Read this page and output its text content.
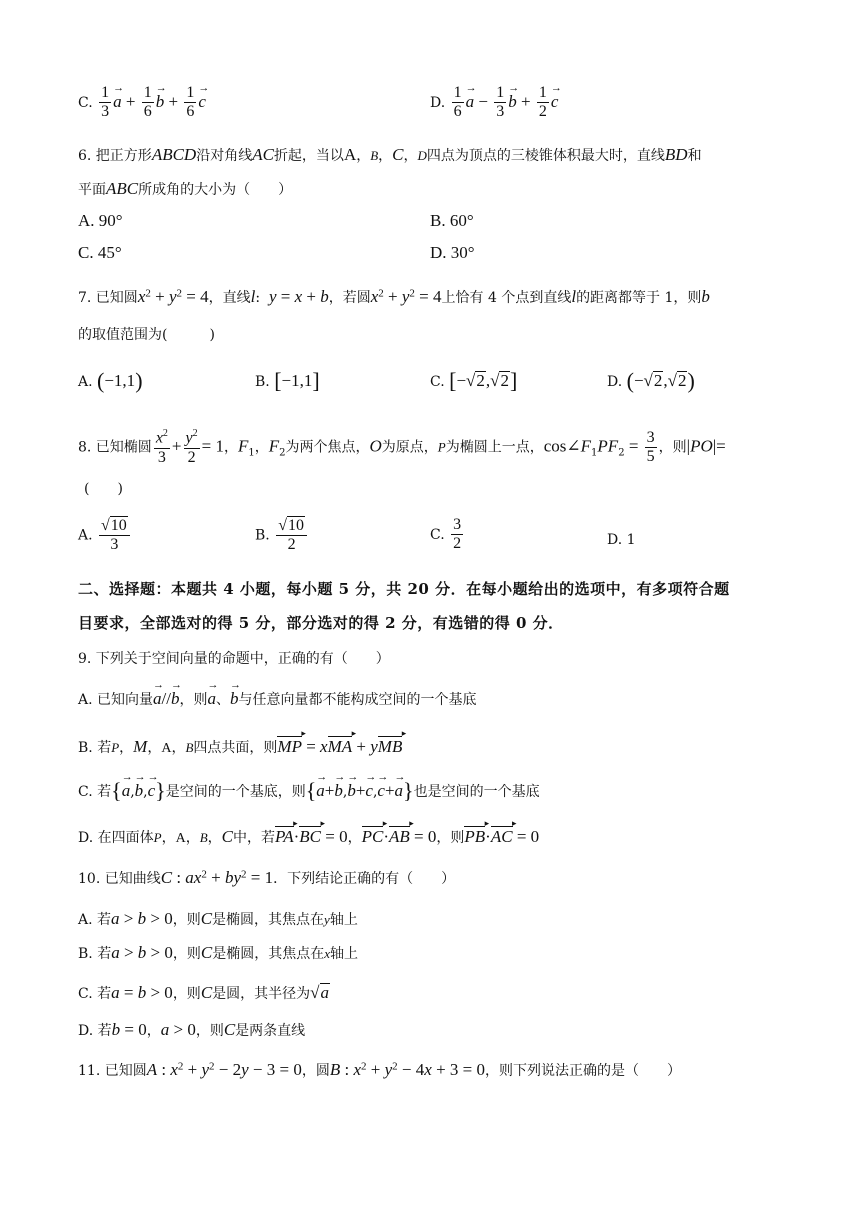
C. $\frac{1}{3}$
→ $a + \frac{1}{6}$
→ $b + \frac{1}{6}$
→ c	D. $\frac{1}{6}$
→ $a - \frac{1}{3}$
→ $b + \frac{1}{2}$
→ c
6. 把正方形ABCD沿对角线AC折起，当以A，B，C，D四点为顶点的三棱锥体积最大时，直线BD和
平面ABC所成角的大小为（　　）
A. 90°	B. 60°
C. 45°	D. 30°
7. 已知圆$x^2 + y^2 = 4$，直线l:  y = x + b，若圆$x^2 + y^2 = 4$上恰有 4 个点到直线l的距离都等于 1，则b
的取值范围为(　　　)
A. (−1,1)	B. [−1,1]	C. [−√2,√2]	D. (−√2,√2)
8. 已知椭圆 $\frac{x^2}{3} + \frac{y^2}{2} = 1$，$F_1$，$F_2$为两个焦点，O为原点，P为椭圆上一点，$\cos\angle F_1PF_2 = \frac{3}{5}$ ，则|PO|=
(　　)
A. $\frac{√10}{3}$	B. $\frac{√10}{2}$	C. $\frac{3}{2}$	D. 1
二、选择题：本题共 4 小题，每小题 5 分，共 20 分．在每小题给出的选项中，有多项符合题
目要求，全部选对的得 5 分，部分选对的得 2 分，有选错的得 0 分．
9. 下列关于空间向量的命题中，正确的有（　　）
A. 已知向量→ a//→ b，则→ a、→ b与任意向量都不能构成空间的一个基底
B. 若P，M，A，B四点共面，则MP ▸ = xMA ▸ + yMB ▸
C. 若{→ a,→ b,→ c}是空间的一个基底，则{→ a+→ b,→ b+→ c,→ c+→ a}也是空间的一个基底
D. 在四面体P，A，B，C中，若PA ▸·BC ▸ = 0，PC ▸·AB ▸ = 0，则PB ▸·AC ▸ = 0
10. 已知曲线C : $ax^2 + by^2 = 1$．下列结论正确的有（　　）
A. 若a > b > 0，则C是椭圆，其焦点在y轴上
B. 若a > b > 0，则C是椭圆，其焦点在x轴上
C. 若a = b > 0，则C是圆，其半径为√a
D. 若b = 0，a > 0，则C是两条直线
11. 已知圆A : $x^2 + y^2 - 2y - 3 = 0$，圆B : $x^2 + y^2 - 4x + 3 = 0$，则下列说法正确的是（　　）
